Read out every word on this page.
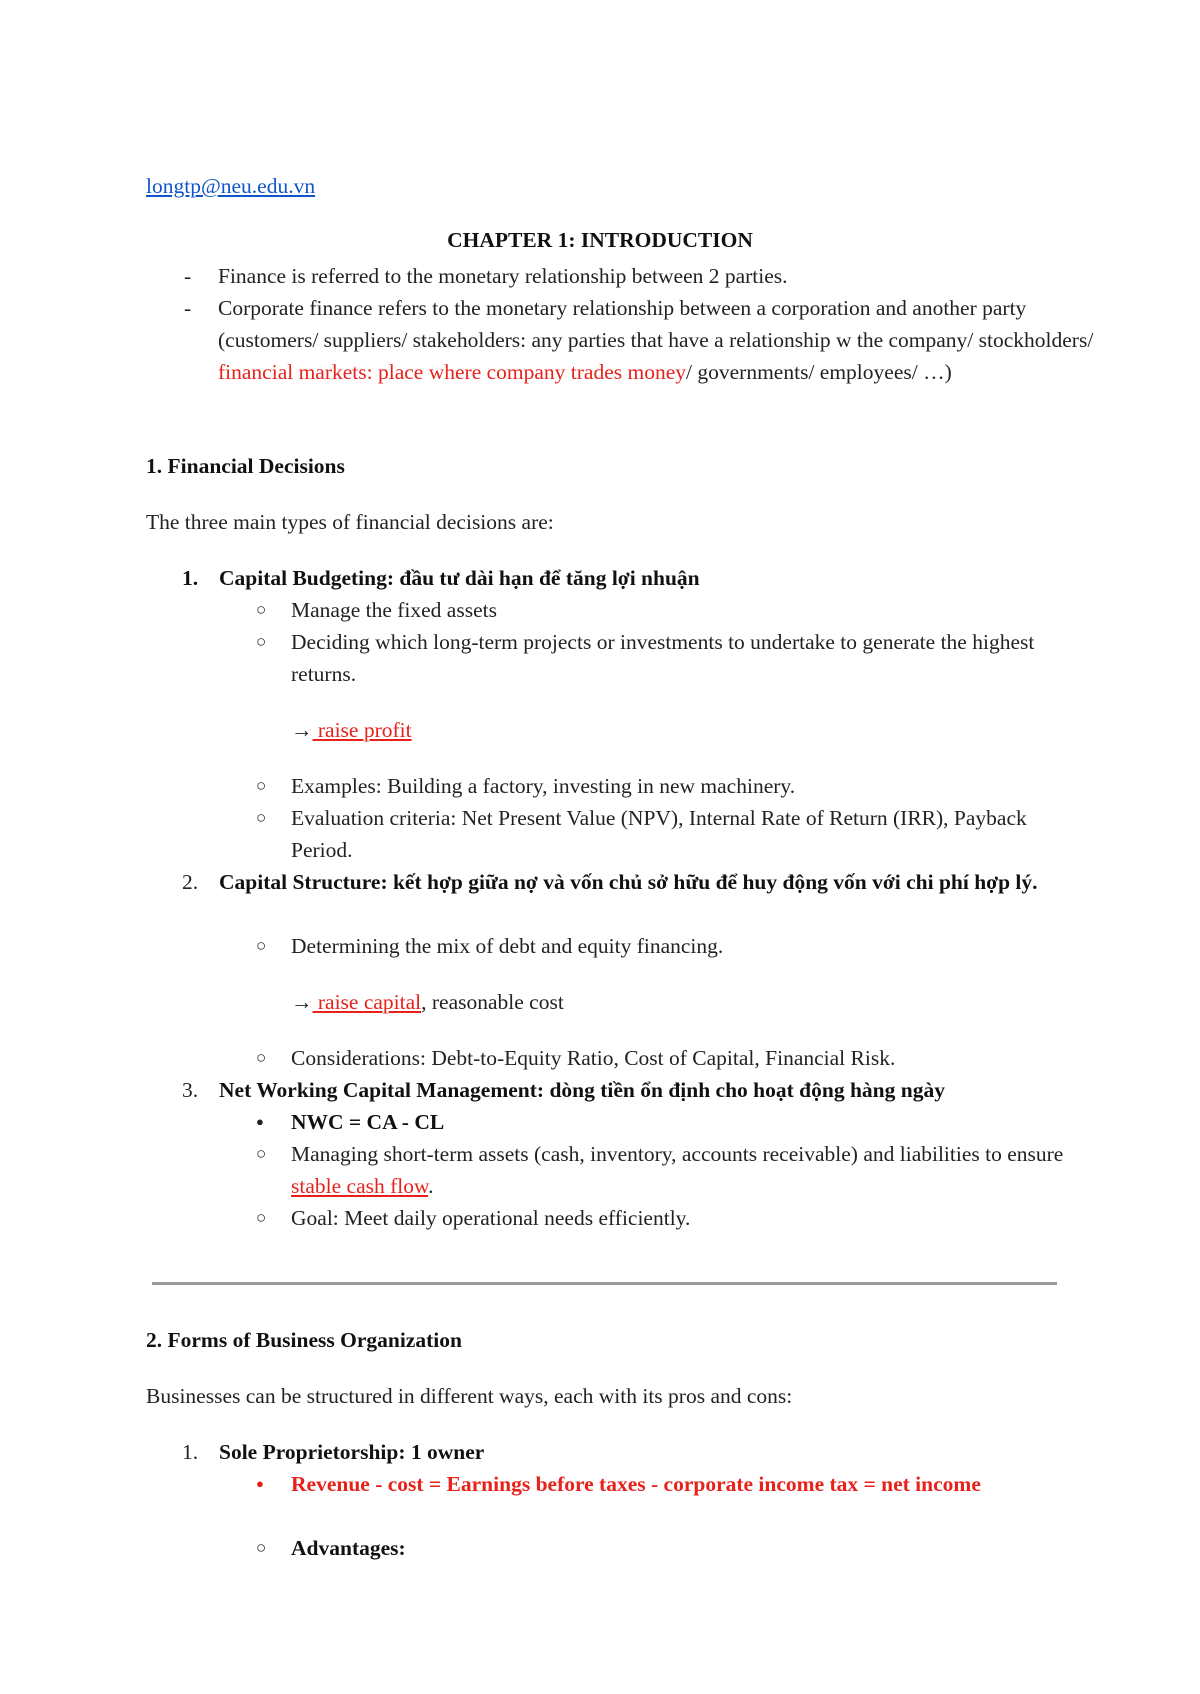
longtp@neu.edu.vn
CHAPTER 1: INTRODUCTION
- Finance is referred to the monetary relationship between 2 parties.
- Corporate finance refers to the monetary relationship between a corporation and another party (customers/ suppliers/ stakeholders: any parties that have a relationship w the company/ stockholders/ financial markets: place where company trades money/ governments/ employees/ …)
1. Financial Decisions
The three main types of financial decisions are:
1. Capital Budgeting: đầu tư dài hạn để tăng lợi nhuận
○ Manage the fixed assets
○ Deciding which long-term projects or investments to undertake to generate the highest returns.
→ raise profit
○ Examples: Building a factory, investing in new machinery.
○ Evaluation criteria: Net Present Value (NPV), Internal Rate of Return (IRR), Payback Period.
2. Capital Structure: kết hợp giữa nợ và vốn chủ sở hữu để huy động vốn với chi phí hợp lý.
○ Determining the mix of debt and equity financing.
→ raise capital, reasonable cost
○ Considerations: Debt-to-Equity Ratio, Cost of Capital, Financial Risk.
3. Net Working Capital Management: dòng tiền ổn định cho hoạt động hàng ngày
● NWC = CA - CL
○ Managing short-term assets (cash, inventory, accounts receivable) and liabilities to ensure stable cash flow.
○ Goal: Meet daily operational needs efficiently.
2. Forms of Business Organization
Businesses can be structured in different ways, each with its pros and cons:
1. Sole Proprietorship: 1 owner
● Revenue - cost = Earnings before taxes - corporate income tax = net income
○ Advantages:
